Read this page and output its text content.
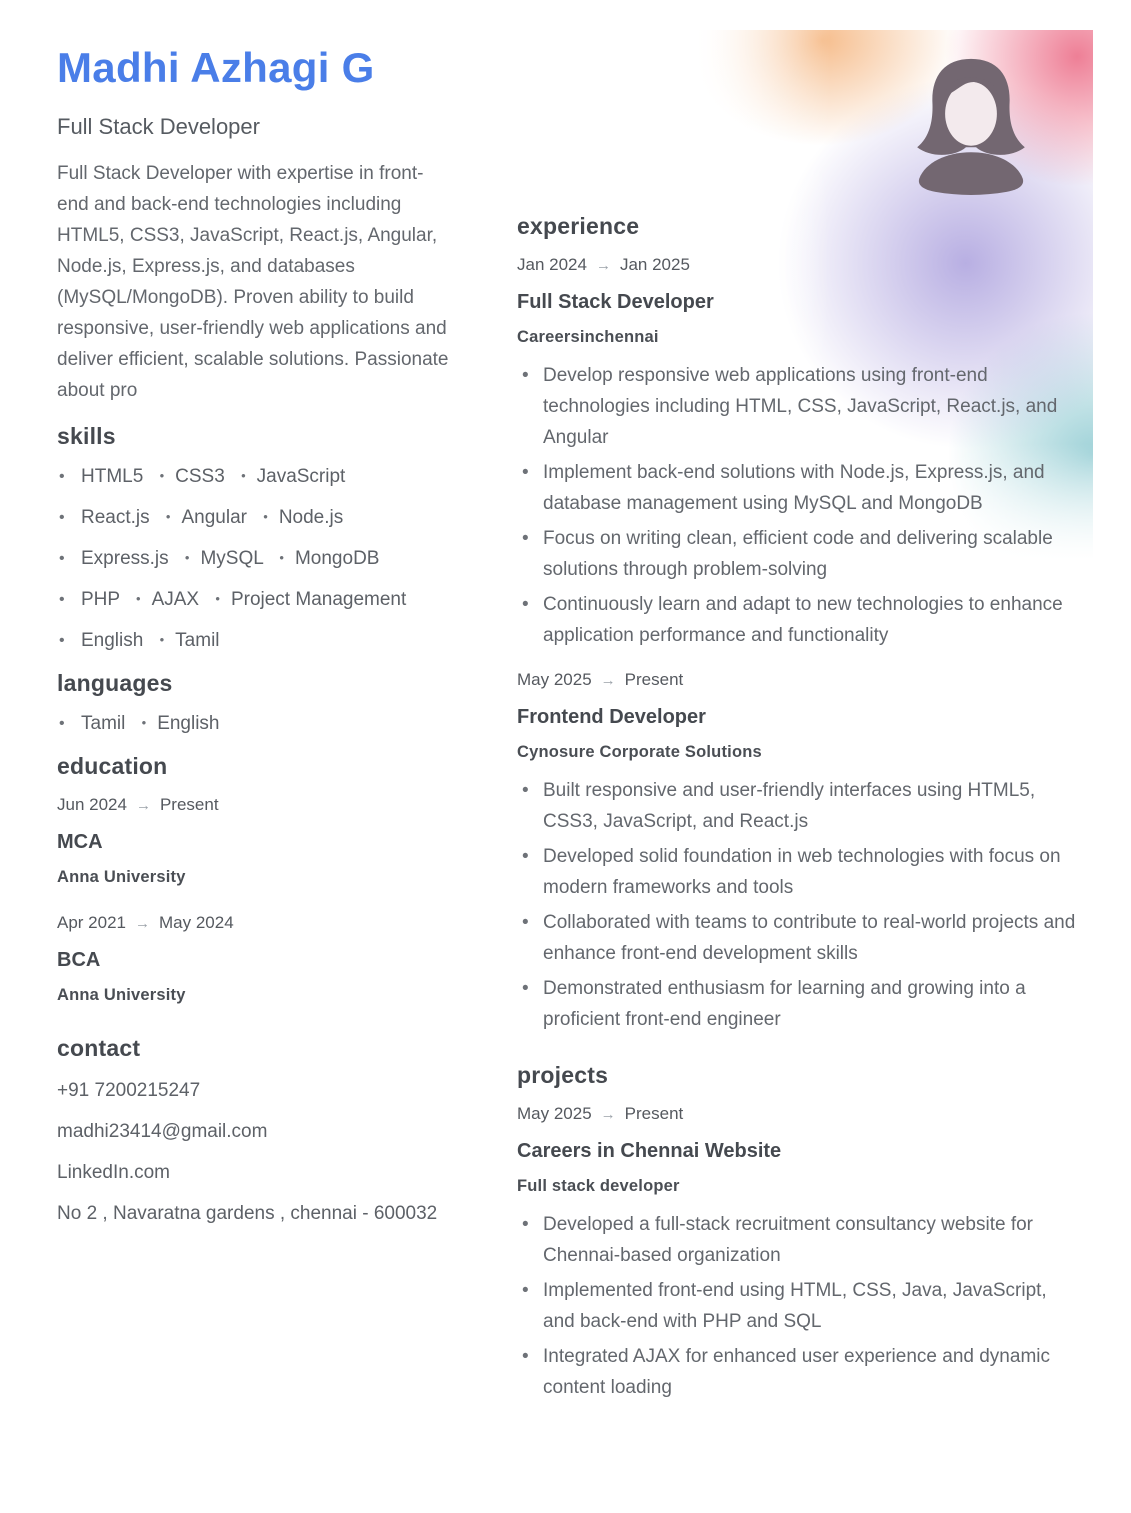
Madhi Azhagi G
Full Stack Developer

Full Stack Developer with expertise in front-end and back-end technologies including HTML5, CSS3, JavaScript, React.js, Angular, Node.js, Express.js, and databases (MySQL/MongoDB). Proven ability to build responsive, user-friendly web applications and deliver efficient, scalable solutions. Passionate about pro

skills
• HTML5 • CSS3 • JavaScript
• React.js • Angular • Node.js
• Express.js • MySQL • MongoDB
• PHP • AJAX • Project Management
• English • Tamil
languages
• Tamil • English
education
Jun 2024 → Present
MCA
Anna University
Apr 2021 → May 2024
BCA
Anna University
contact
+91 7200215247
madhi23414@gmail.com
LinkedIn.com
No 2 , Navaratna gardens , chennai - 600032
experience
Jan 2024 → Jan 2025
Full Stack Developer
Careersinchennai
• Develop responsive web applications using front-end technologies including HTML, CSS, JavaScript, React.js, and Angular
• Implement back-end solutions with Node.js, Express.js, and database management using MySQL and MongoDB
• Focus on writing clean, efficient code and delivering scalable solutions through problem-solving
• Continuously learn and adapt to new technologies to enhance application performance and functionality
May 2025 → Present
Frontend Developer
Cynosure Corporate Solutions
• Built responsive and user-friendly interfaces using HTML5, CSS3, JavaScript, and React.js
• Developed solid foundation in web technologies with focus on modern frameworks and tools
• Collaborated with teams to contribute to real-world projects and enhance front-end development skills
• Demonstrated enthusiasm for learning and growing into a proficient front-end engineer
projects
May 2025 → Present
Careers in Chennai Website
Full stack developer
• Developed a full-stack recruitment consultancy website for Chennai-based organization
• Implemented front-end using HTML, CSS, Java, JavaScript, and back-end with PHP and SQL
• Integrated AJAX for enhanced user experience and dynamic content loading
